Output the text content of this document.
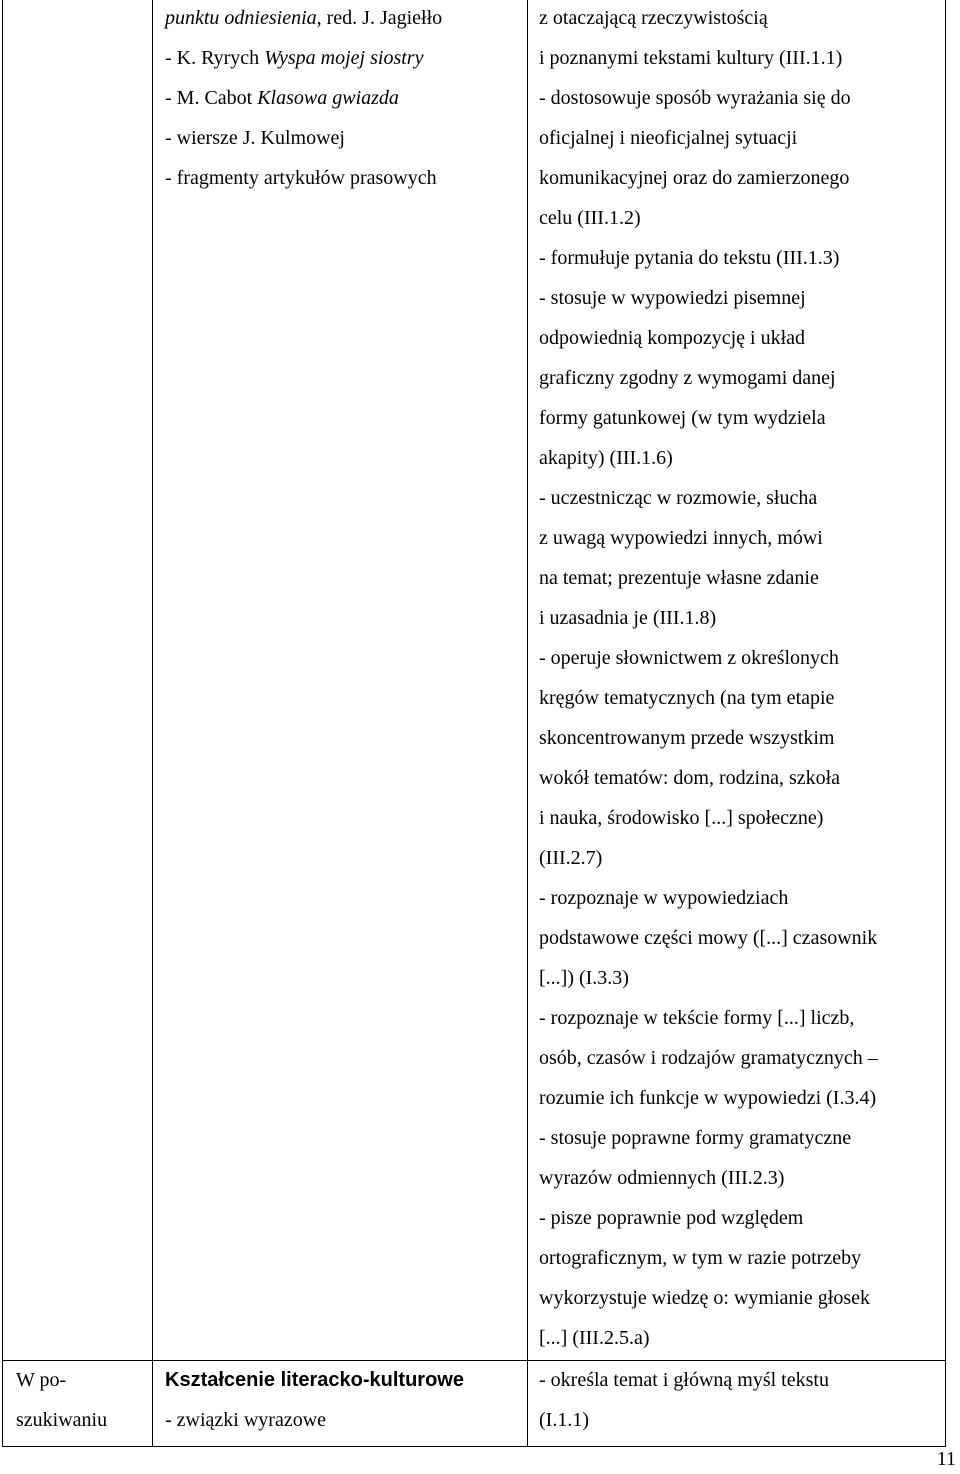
punktu odniesienia, red. J. Jagiełło
- K. Ryrych Wyspa mojej siostry
- M. Cabot Klasowa gwiazda
- wiersze J. Kulmowej
- fragmenty artykułów prasowych
z otaczającą rzeczywistością
i poznanymi tekstami kultury (III.1.1)
- dostosowuje sposób wyrażania się do
oficjalnej i nieoficjalnej sytuacji
komunikacyjnej oraz do zamierzonego
celu (III.1.2)
- formułuje pytania do tekstu (III.1.3)
- stosuje w wypowiedzi pisemnej
odpowiednią kompozycję i układ
graficzny zgodny z wymogami danej
formy gatunkowej (w tym wydziela
akapity) (III.1.6)
- uczestnicząc w rozmowie, słucha
z uwagą wypowiedzi innych, mówi
na temat; prezentuje własne zdanie
i uzasadnia je (III.1.8)
- operuje słownictwem z określonych
kręgów tematycznych (na tym etapie
skoncentrowanym przede wszystkim
wokół tematów: dom, rodzina, szkoła
i nauka, środowisko [...] społeczne)
(III.2.7)
- rozpoznaje w wypowiedziach
podstawowe części mowy ([...] czasownik
[...]) (I.3.3)
- rozpoznaje w tekście formy [...] liczb,
osób, czasów i rodzajów gramatycznych –
rozumie ich funkcje w wypowiedzi (I.3.4)
- stosuje poprawne formy gramatyczne
wyrazów odmiennych (III.2.3)
- pisze poprawnie pod względem
ortograficznym, w tym w razie potrzeby
wykorzystuje wiedzę o: wymianie głosek
[...] (III.2.5.a)
W po-
szukiwaniu
Kształcenie literacko-kulturowe
- związki wyrazowe
- określa temat i główną myśl tekstu
(I.1.1)
11
